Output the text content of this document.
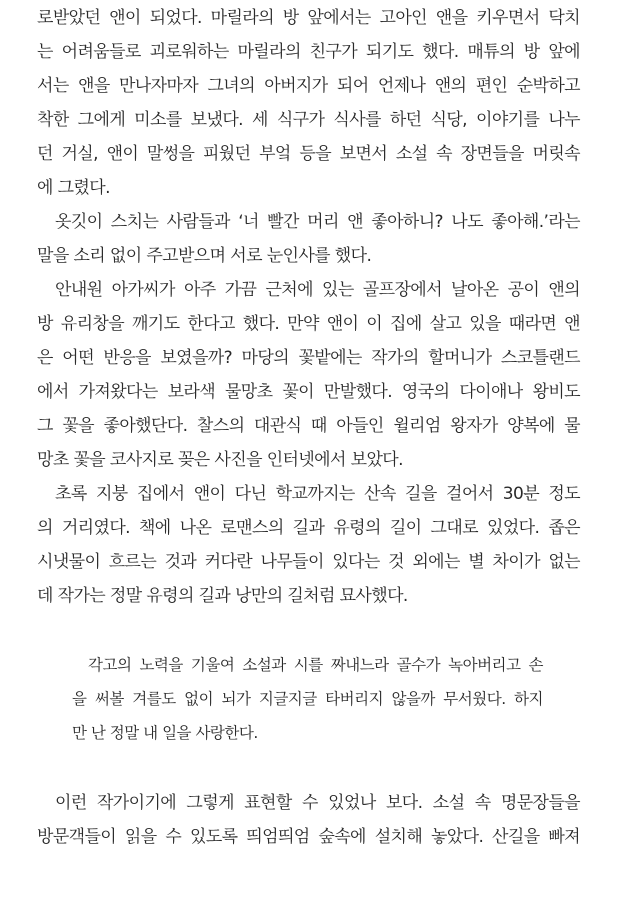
로받았던 앤이 되었다. 마릴라의 방 앞에서는 고아인 앤을 키우면서 닥치
는 어려움들로 괴로워하는 마릴라의 친구가 되기도 했다. 매튜의 방 앞에
서는 앤을 만나자마자 그녀의 아버지가 되어 언제나 앤의 편인 순박하고
착한 그에게 미소를 보냈다. 세 식구가 식사를 하던 식당, 이야기를 나누
던 거실, 앤이 말썽을 피웠던 부엌 등을 보면서 소설 속 장면들을 머릿속
에 그렸다.
옷깃이 스치는 사람들과 ‘너 빨간 머리 앤 좋아하니? 나도 좋아해.’라는
말을 소리 없이 주고받으며 서로 눈인사를 했다.
안내원 아가씨가 아주 가끔 근처에 있는 골프장에서 날아온 공이 앤의
방 유리창을 깨기도 한다고 했다. 만약 앤이 이 집에 살고 있을 때라면 앤
은 어떤 반응을 보였을까? 마당의 꽃밭에는 작가의 할머니가 스코틀랜드
에서 가져왔다는 보라색 물망초 꽃이 만발했다. 영국의 다이애나 왕비도
그 꽃을 좋아했단다. 찰스의 대관식 때 아들인 윌리엄 왕자가 양복에 물
망초 꽃을 코사지로 꽂은 사진을 인터넷에서 보았다.
초록 지붕 집에서 앤이 다닌 학교까지는 산속 길을 걸어서 30분 정도
의 거리였다. 책에 나온 로맨스의 길과 유령의 길이 그대로 있었다. 좁은
시냇물이 흐르는 것과 커다란 나무들이 있다는 것 외에는 별 차이가 없는
데 작가는 정말 유령의 길과 낭만의 길처럼 묘사했다.
각고의 노력을 기울여 소설과 시를 짜내느라 골수가 녹아버리고 손
을 써볼 겨를도 없이 뇌가 지글지글 타버리지 않을까 무서웠다. 하지
만 난 정말 내 일을 사랑한다.
이런 작가이기에 그렇게 표현할 수 있었나 보다. 소설 속 명문장들을
방문객들이 읽을 수 있도록 띄엄띄엄 숲속에 설치해 놓았다. 산길을 빠져
